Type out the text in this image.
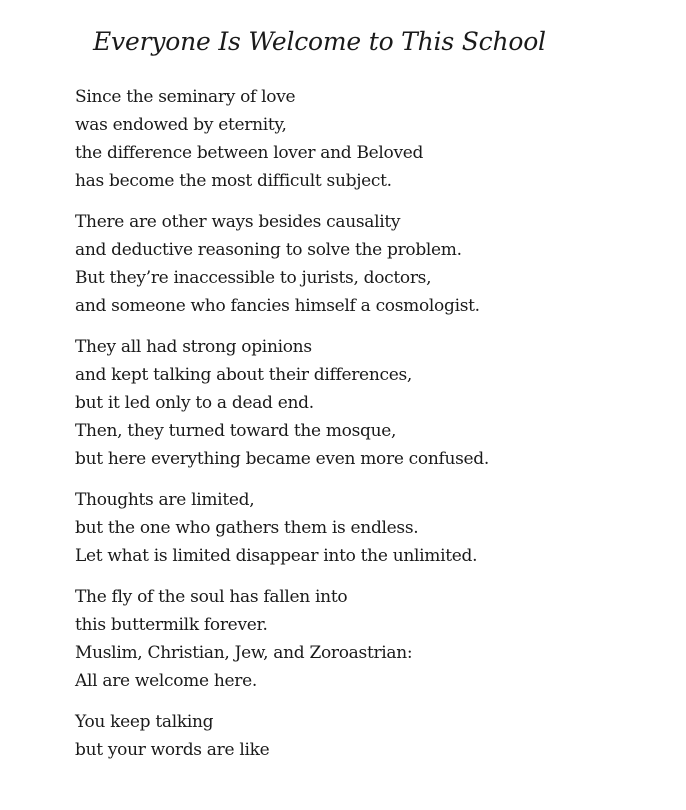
Everyone Is Welcome to This School
Since the seminary of love
was endowed by eternity,
the difference between lover and Beloved
has become the most difficult subject.
There are other ways besides causality
and deductive reasoning to solve the problem.
But they’re inaccessible to jurists, doctors,
and someone who fancies himself a cosmologist.
They all had strong opinions
and kept talking about their differences,
but it led only to a dead end.
Then, they turned toward the mosque,
but here everything became even more confused.
Thoughts are limited,
but the one who gathers them is endless.
Let what is limited disappear into the unlimited.
The fly of the soul has fallen into
this buttermilk forever.
Muslim, Christian, Jew, and Zoroastrian:
All are welcome here.
You keep talking
but your words are like
